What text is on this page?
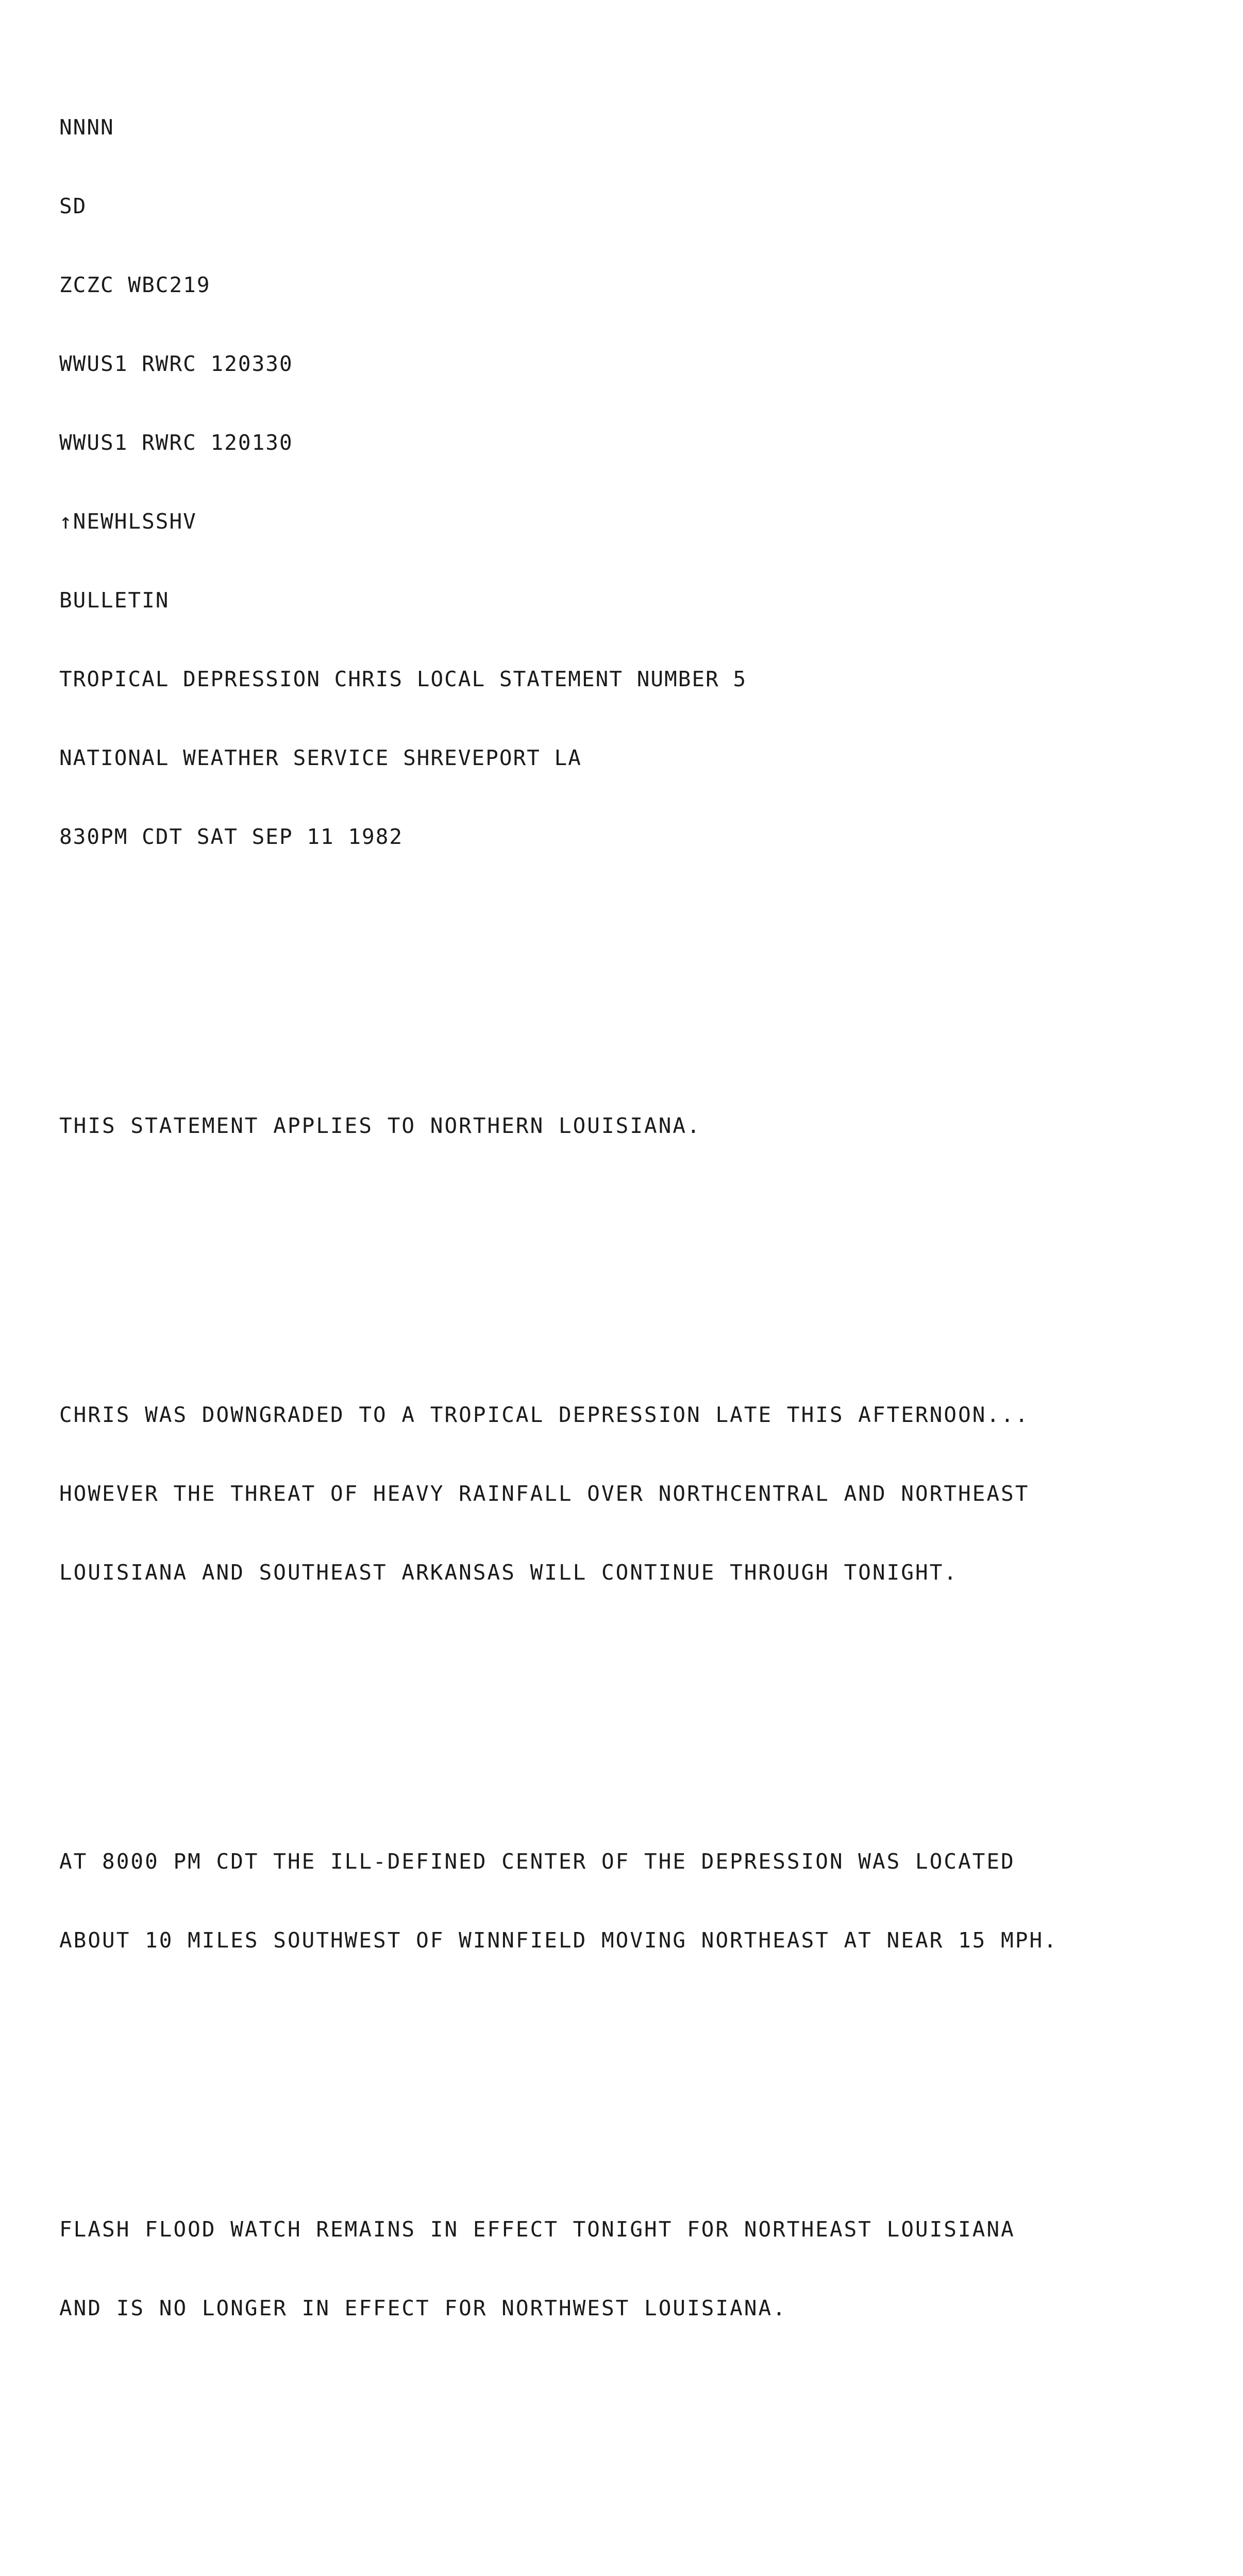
NNNN

SD

ZCZC WBC219

WWUS1 RWRC 120330

WWUS1 RWRC 120130

↑NEWHLSSHV

BULLETIN

TROPICAL DEPRESSION CHRIS LOCAL STATEMENT NUMBER 5

NATIONAL WEATHER SERVICE SHREVEPORT LA

830PM CDT SAT SEP 11 1982

THIS STATEMENT APPLIES TO NORTHERN LOUISIANA.

CHRIS WAS DOWNGRADED TO A TROPICAL DEPRESSION LATE THIS AFTERNOON...

HOWEVER THE THREAT OF HEAVY RAINFALL OVER NORTHCENTRAL AND NORTHEAST

LOUISIANA AND SOUTHEAST ARKANSAS WILL CONTINUE THROUGH TONIGHT.

AT 8000 PM CDT THE ILL-DEFINED CENTER OF THE DEPRESSION WAS LOCATED

ABOUT 10 MILES SOUTHWEST OF WINNFIELD MOVING NORTHEAST AT NEAR 15 MPH.

FLASH FLOOD WATCH REMAINS IN EFFECT TONIGHT FOR NORTHEAST LOUISIANA

AND IS NO LONGER IN EFFECT FOR NORTHWEST LOUISIANA.
